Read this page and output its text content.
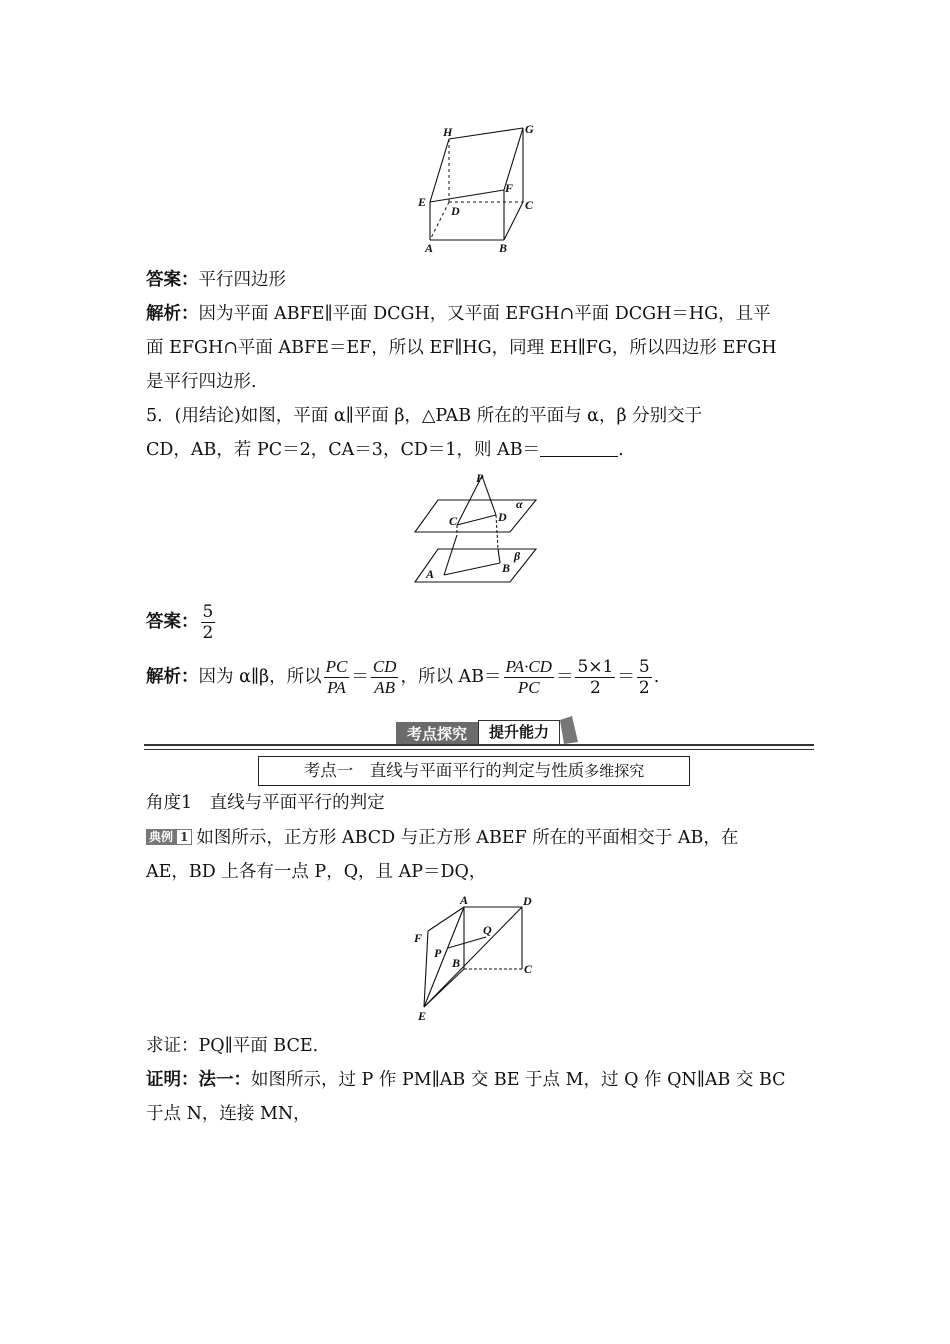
H	G
E
F
D	C
A	B
答案：平行四边形
解析：因为平面 ABFE∥平面 DCGH，又平面 EFGH∩平面 DCGH＝HG，且平
面 EFGH∩平面 ABFE＝EF，所以 EF∥HG，同理 EH∥FG，所以四边形 EFGH
是平行四边形.
5．(用结论)如图，平面 α∥平面 β，△PAB 所在的平面与 α，β 分别交于
CD，AB，若 PC＝2，CA＝3，CD＝1，则 AB＝	.
P
α
C	D
β
A	B
答案： $\frac{5}{2}$
解析：因为 α∥β，所以 $\frac{PC}{PA} = \frac{CD}{AB}$ ，所以 $AB= \frac{PA\cdot CD}{PC} = \frac{5\times 1}{2} = \frac{5}{2}$ .
考点探究	提升能力
考点一　直线与平面平行的判定与性质多维探究
角度1　直线与平面平行的判定
典例 1 如图所示，正方形 ABCD 与正方形 ABEF 所在的平面相交于 AB，在
AE，BD 上各有一点 P，Q，且 AP＝DQ，
A	D
F
Q
P
B	C
E
求证：PQ∥平面 BCE.
证明：法一：如图所示，过 P 作 PM∥AB 交 BE 于点 M，过 Q 作 QN∥AB 交 BC
于点 N，连接 MN，
